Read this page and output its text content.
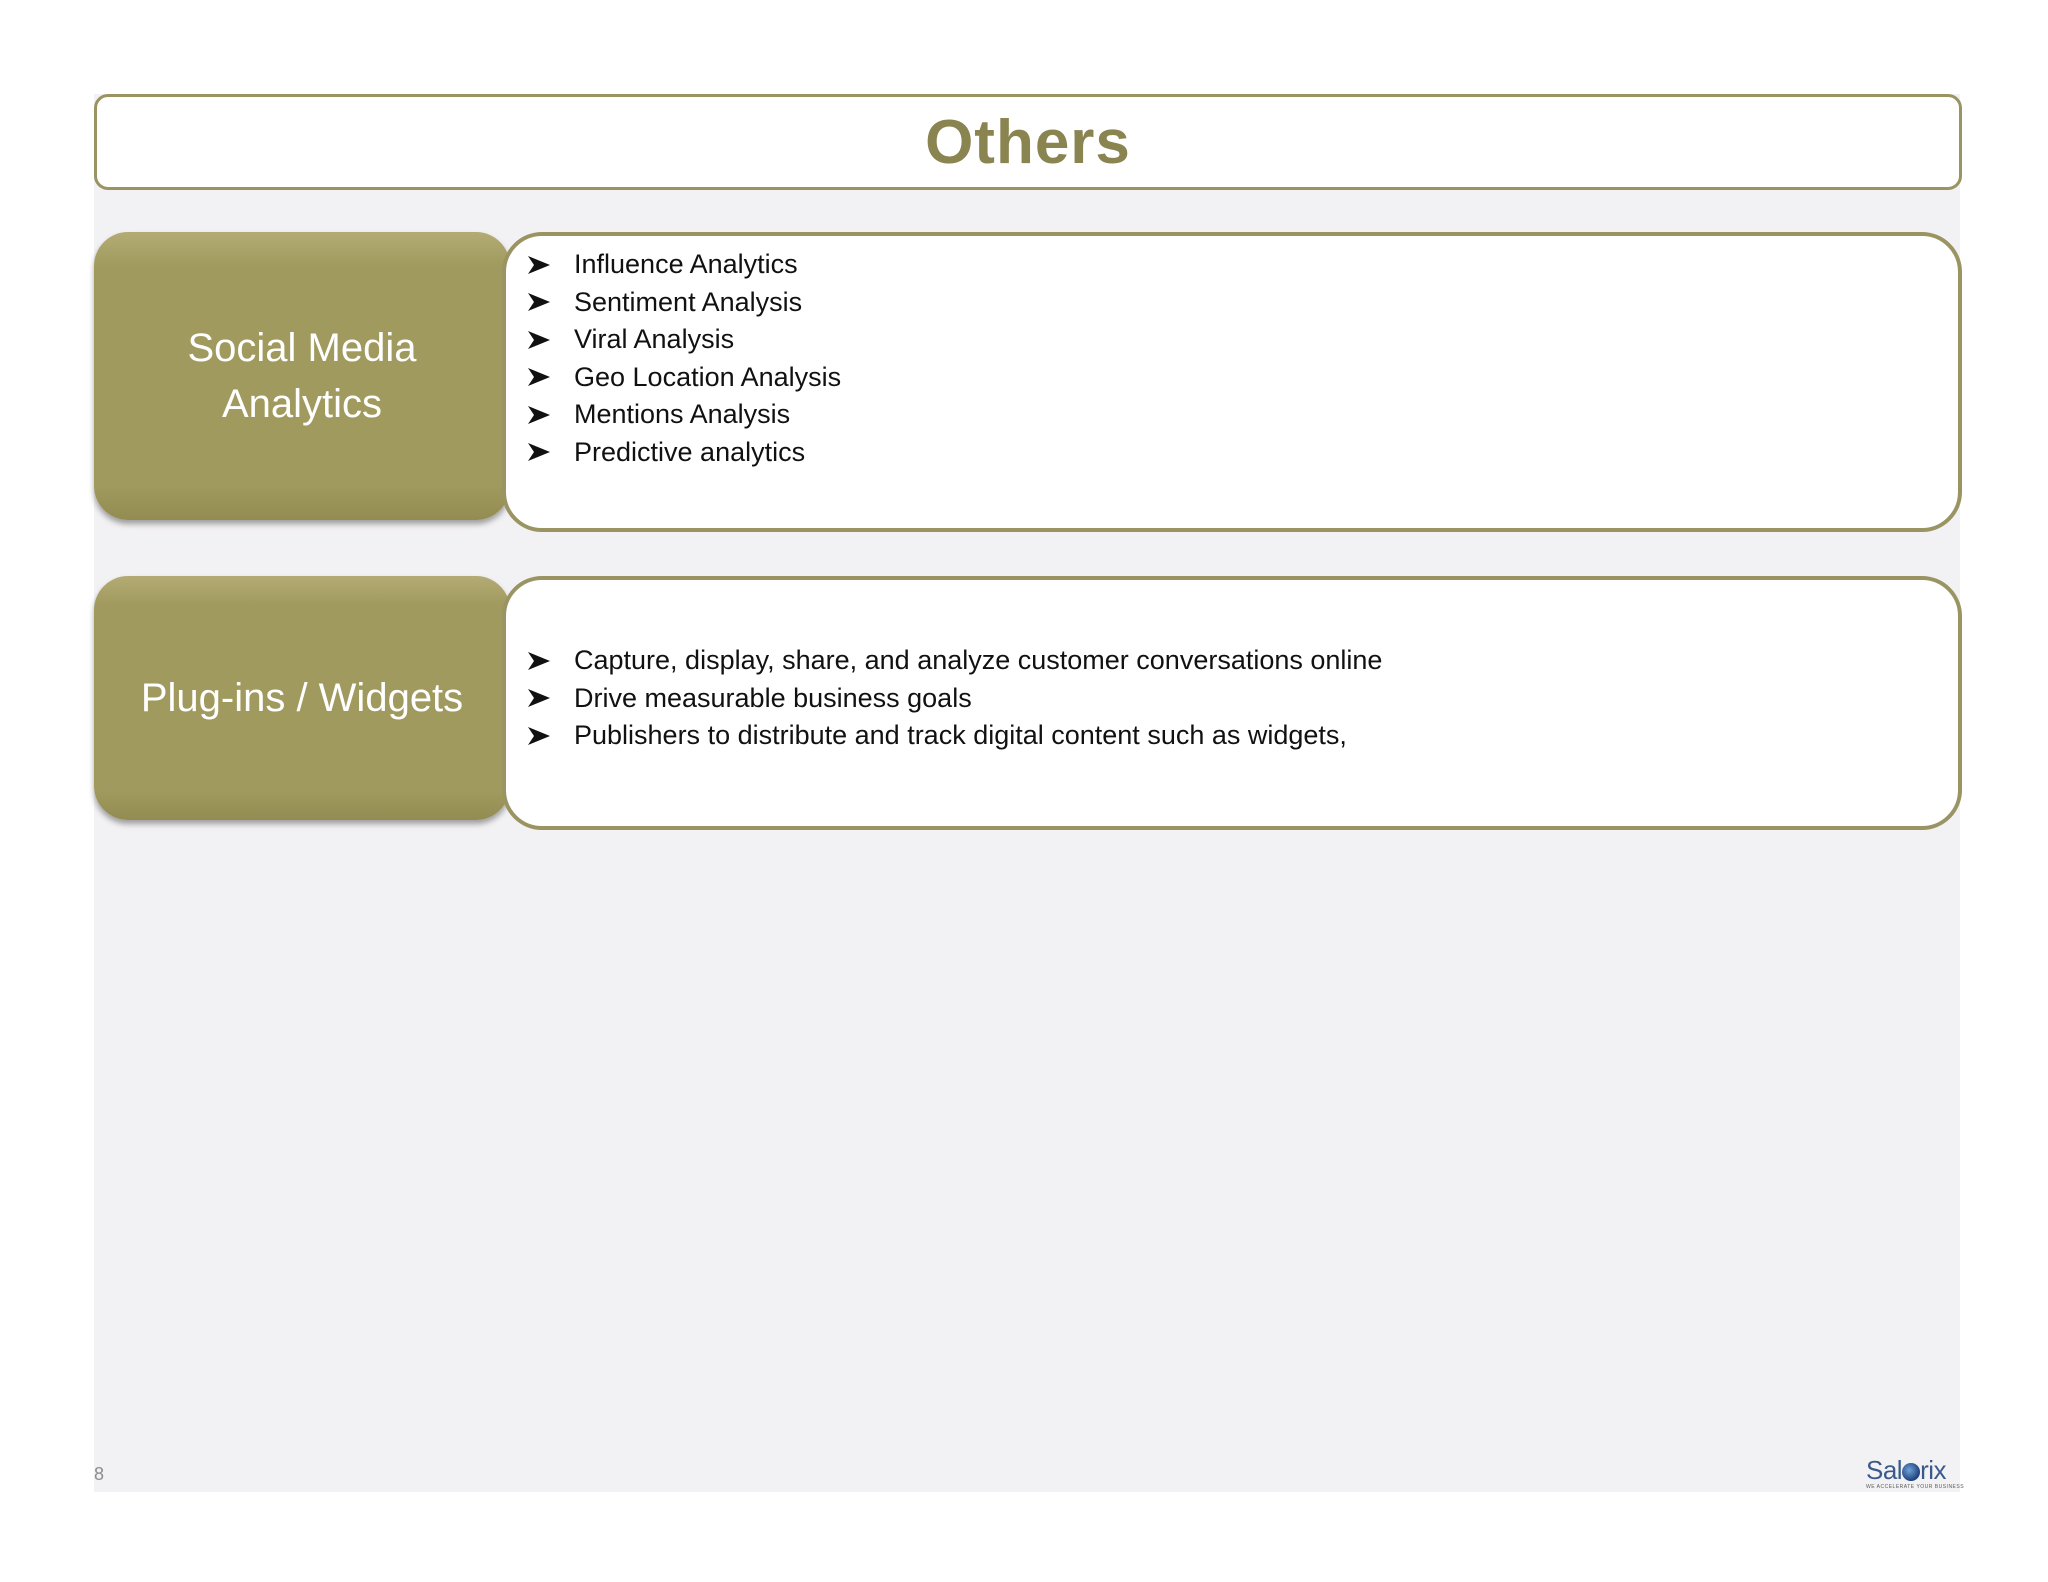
Others
Social Media
Analytics
Influence Analytics
Sentiment Analysis
Viral Analysis
Geo Location Analysis
Mentions Analysis
Predictive analytics
Plug-ins / Widgets
Capture, display, share, and analyze customer conversations online
Drive measurable business goals
Publishers to distribute and track digital content such as widgets,
8	Sal rix
WE ACCELERATE YOUR BUSINESS
